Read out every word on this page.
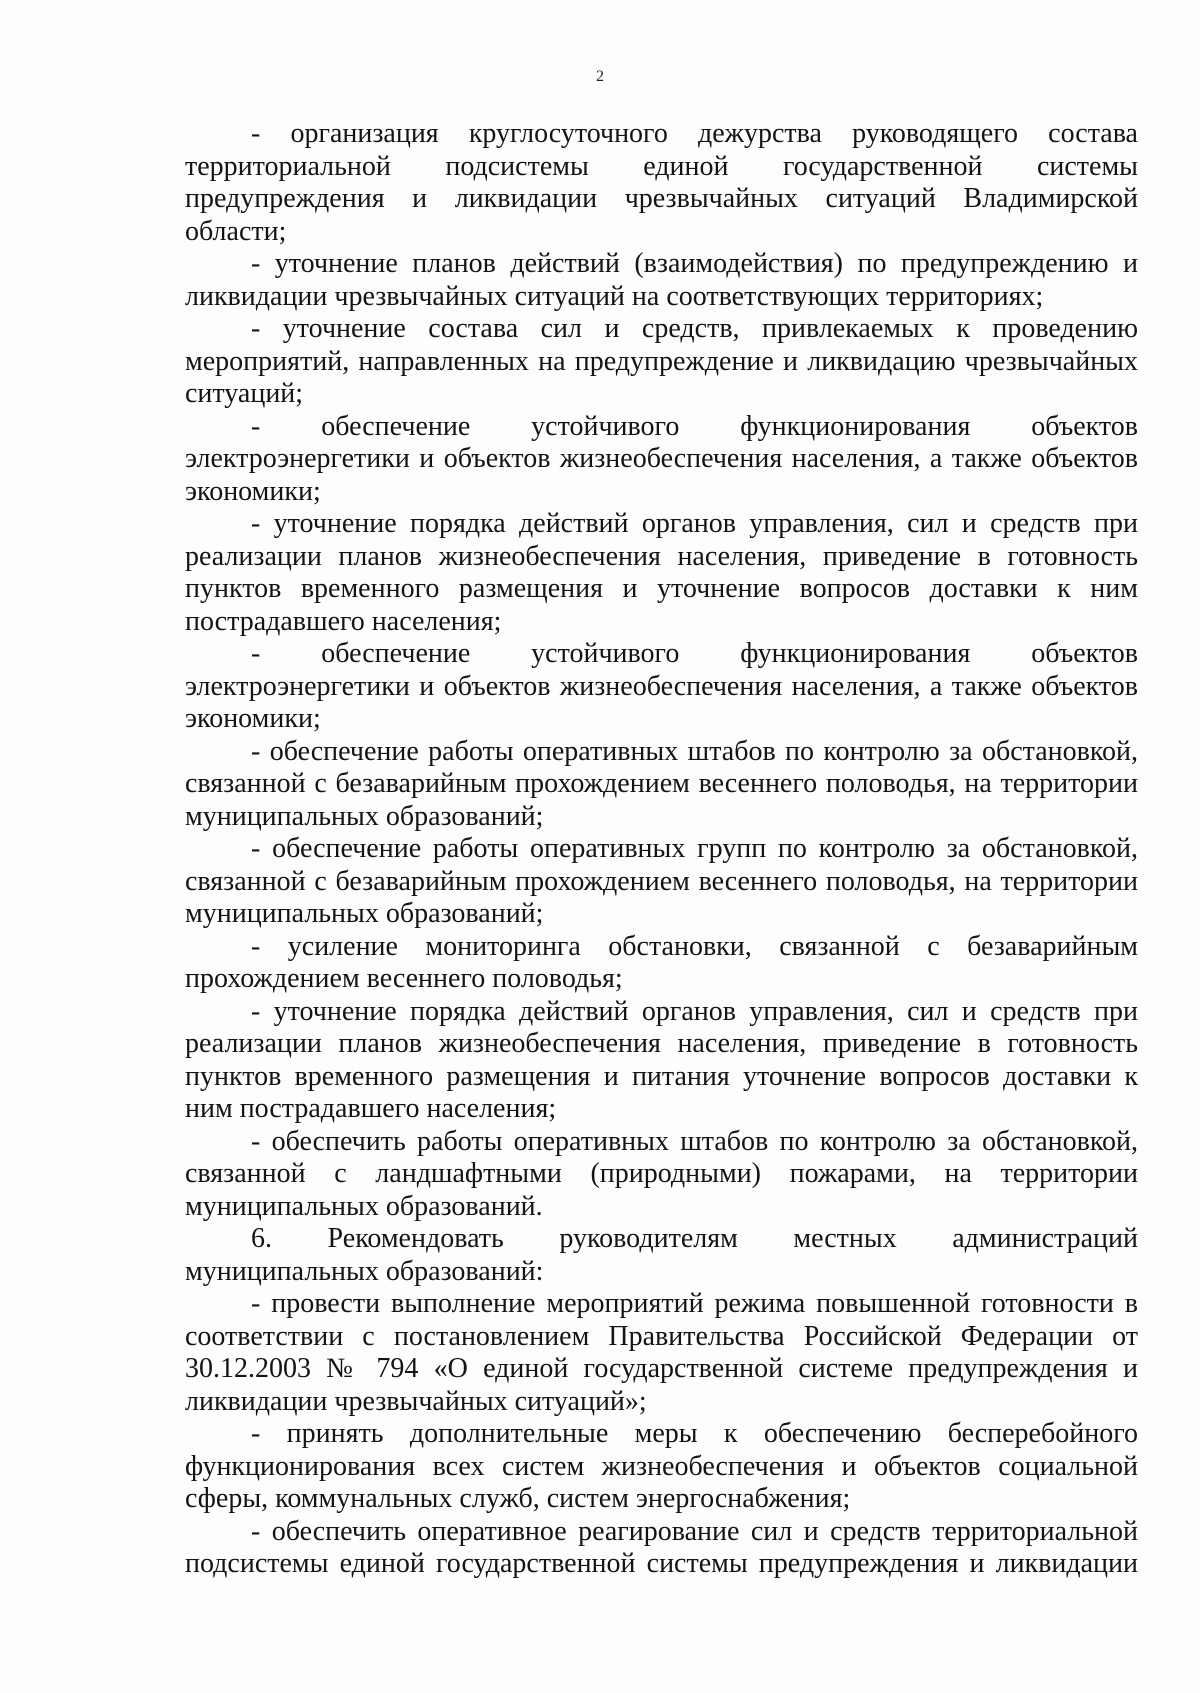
2

- организация круглосуточного дежурства руководящего состава территориальной подсистемы единой государственной системы предупреждения и ликвидации чрезвычайных ситуаций Владимирской области;

- уточнение планов действий (взаимодействия) по предупреждению и ликвидации чрезвычайных ситуаций на соответствующих территориях;

- уточнение состава сил и средств, привлекаемых к проведению мероприятий, направленных на предупреждение и ликвидацию чрезвычайных ситуаций;

- обеспечение устойчивого функционирования объектов электроэнергетики и объектов жизнеобеспечения населения, а также объектов экономики;

- уточнение порядка действий органов управления, сил и средств при реализации планов жизнеобеспечения населения, приведение в готовность пунктов временного размещения и уточнение вопросов доставки к ним пострадавшего населения;

- обеспечение устойчивого функционирования объектов электроэнергетики и объектов жизнеобеспечения населения, а также объектов экономики;

- обеспечение работы оперативных штабов по контролю за обстановкой, связанной с безаварийным прохождением весеннего половодья, на территории муниципальных образований;

- обеспечение работы оперативных групп по контролю за обстановкой, связанной с безаварийным прохождением весеннего половодья, на территории муниципальных образований;

- усиление мониторинга обстановки, связанной с безаварийным прохождением весеннего половодья;

- уточнение порядка действий органов управления, сил и средств при реализации планов жизнеобеспечения населения, приведение в готовность пунктов временного размещения и питания уточнение вопросов доставки к ним пострадавшего населения;

- обеспечить работы оперативных штабов по контролю за обстановкой, связанной с ландшафтными (природными) пожарами, на территории муниципальных образований.

6. Рекомендовать руководителям местных администраций муниципальных образований:

- провести выполнение мероприятий режима повышенной готовности в соответствии с постановлением Правительства Российской Федерации от 30.12.2003 № 794 «О единой государственной системе предупреждения и ликвидации чрезвычайных ситуаций»;

- принять дополнительные меры к обеспечению бесперебойного функционирования всех систем жизнеобеспечения и объектов социальной сферы, коммунальных служб, систем энергоснабжения;

- обеспечить оперативное реагирование сил и средств территориальной подсистемы единой государственной системы предупреждения и ликвидации
